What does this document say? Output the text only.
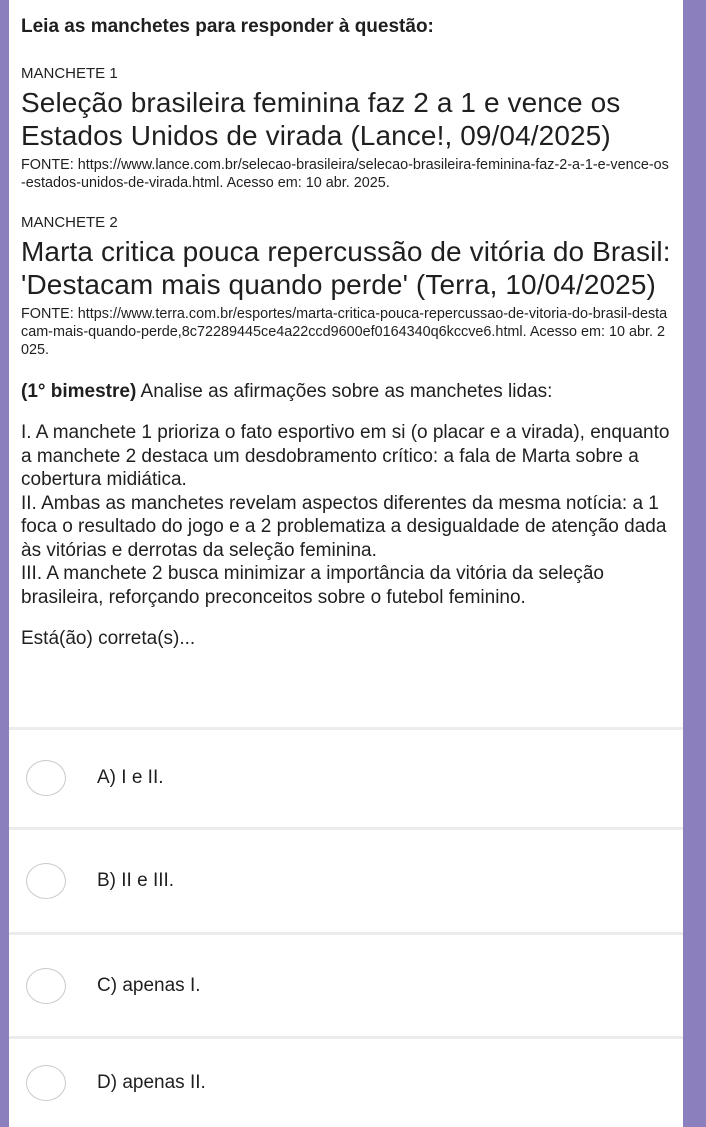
Leia as manchetes para responder à questão:

MANCHETE 1

Seleção brasileira feminina faz 2 a 1 e vence os Estados Unidos de virada (Lance!, 09/04/2025)

FONTE: https://www.lance.com.br/selecao-brasileira/selecao-brasileira-feminina-faz-2-a-1-e-vence-os-estados-unidos-de-virada.html. Acesso em: 10 abr. 2025.

MANCHETE 2

Marta critica pouca repercussão de vitória do Brasil: 'Destacam mais quando perde' (Terra, 10/04/2025)

FONTE: https://www.terra.com.br/esportes/marta-critica-pouca-repercussao-de-vitoria-do-brasil-destacam-mais-quando-perde,8c72289445ce4a22ccd9600ef0164340q6kccve6.html. Acesso em: 10 abr. 2025.

(1° bimestre) Analise as afirmações sobre as manchetes lidas:

I. A manchete 1 prioriza o fato esportivo em si (o placar e a virada), enquanto a manchete 2 destaca um desdobramento crítico: a fala de Marta sobre a cobertura midiática.

II. Ambas as manchetes revelam aspectos diferentes da mesma notícia: a 1 foca o resultado do jogo e a 2 problematiza a desigualdade de atenção dada às vitórias e derrotas da seleção feminina.

III. A manchete 2 busca minimizar a importância da vitória da seleção brasileira, reforçando preconceitos sobre o futebol feminino.

Está(ão) correta(s)...

A) I e II.
B) II e III.
C) apenas I.
D) apenas II.
